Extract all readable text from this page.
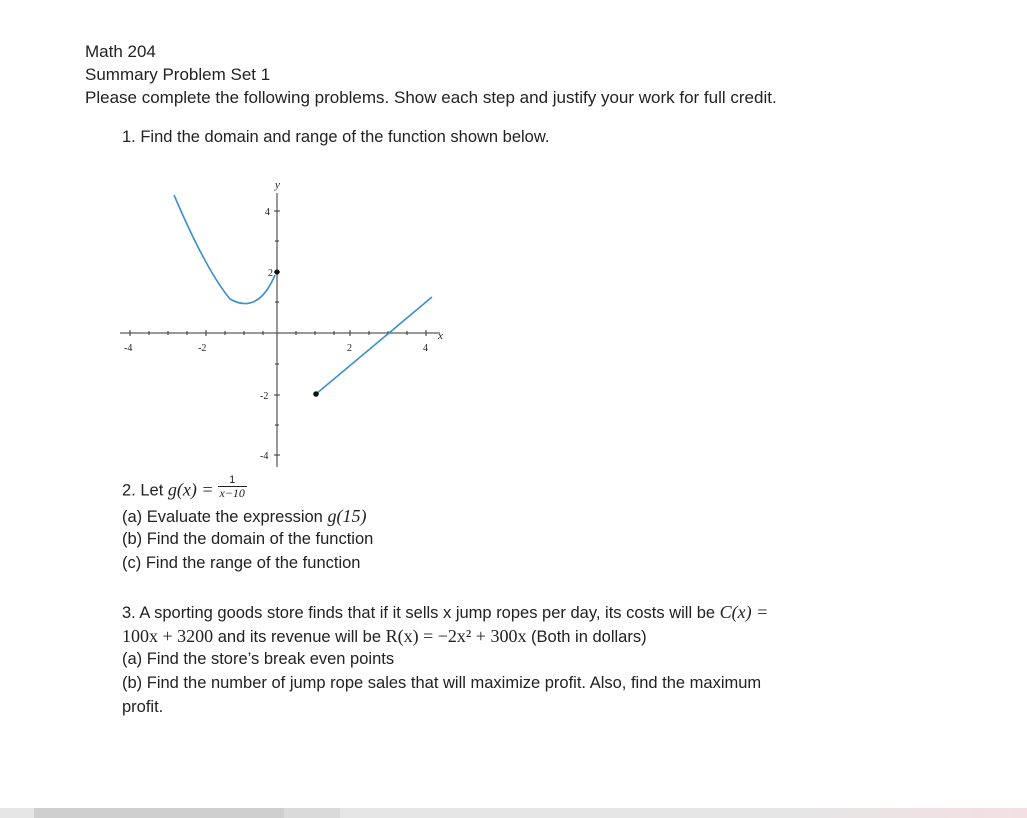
Math 204
Summary Problem Set 1
Please complete the following problems. Show each step and justify your work for full credit.
1. Find the domain and range of the function shown below.
-4	-2	2	4
4
2
-2
-4
y
x
2. Let $g(x) = \frac{1}{x-10}$
(a) Evaluate the expression g(15)
(b) Find the domain of the function
(c) Find the range of the function
3. A sporting goods store finds that if it sells x jump ropes per day, its costs will be C(x) =
100x + 3200 and its revenue will be R(x) = −2x² + 300x (Both in dollars)
(a) Find the store’s break even points
(b) Find the number of jump rope sales that will maximize profit. Also, find the maximum
profit.
